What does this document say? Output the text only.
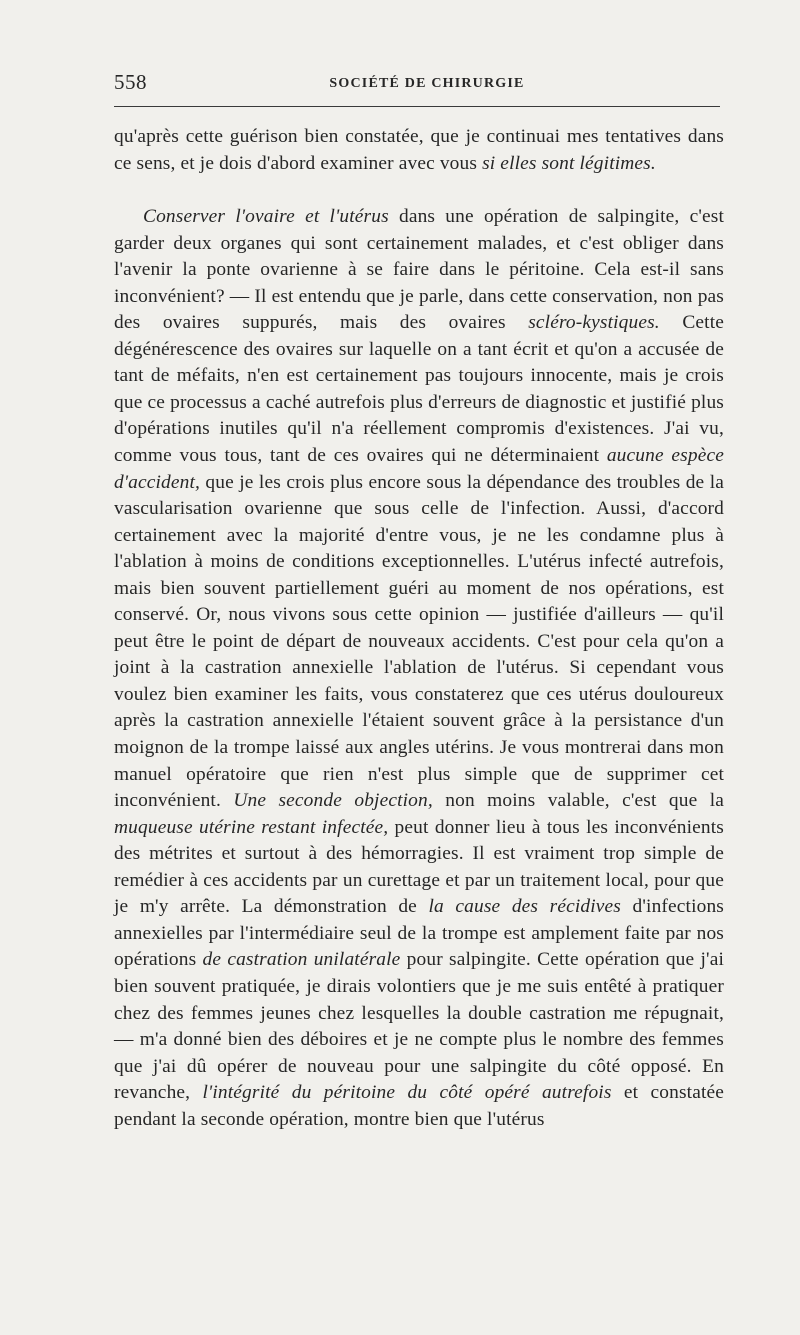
558	SOCIÉTÉ DE CHIRURGIE

qu'après cette guérison bien constatée, que je continuai mes tentatives dans ce sens, et je dois d'abord examiner avec vous si elles sont légitimes.

Conserver l'ovaire et l'utérus dans une opération de salpingite, c'est garder deux organes qui sont certainement malades, et c'est obliger dans l'avenir la ponte ovarienne à se faire dans le péritoine. Cela est-il sans inconvénient? — Il est entendu que je parle, dans cette conservation, non pas des ovaires suppurés, mais des ovaires scléro-kystiques. Cette dégénérescence des ovaires sur laquelle on a tant écrit et qu'on a accusée de tant de méfaits, n'en est certainement pas toujours innocente, mais je crois que ce processus a caché autrefois plus d'erreurs de diagnostic et justifié plus d'opérations inutiles qu'il n'a réellement compromis d'existences. J'ai vu, comme vous tous, tant de ces ovaires qui ne déterminaient aucune espèce d'accident, que je les crois plus encore sous la dépendance des troubles de la vascularisation ovarienne que sous celle de l'infection. Aussi, d'accord certainement avec la majorité d'entre vous, je ne les condamne plus à l'ablation à moins de conditions exceptionnelles. L'utérus infecté autrefois, mais bien souvent partiellement guéri au moment de nos opérations, est conservé. Or, nous vivons sous cette opinion — justifiée d'ailleurs — qu'il peut être le point de départ de nouveaux accidents. C'est pour cela qu'on a joint à la castration annexielle l'ablation de l'utérus. Si cependant vous voulez bien examiner les faits, vous constaterez que ces utérus douloureux après la castration annexielle l'étaient souvent grâce à la persistance d'un moignon de la trompe laissé aux angles utérins. Je vous montrerai dans mon manuel opératoire que rien n'est plus simple que de supprimer cet inconvénient. Une seconde objection, non moins valable, c'est que la muqueuse utérine restant infectée, peut donner lieu à tous les inconvénients des métrites et surtout à des hémorragies. Il est vraiment trop simple de remédier à ces accidents par un curettage et par un traitement local, pour que je m'y arrête. La démonstration de la cause des récidives d'infections annexielles par l'intermédiaire seul de la trompe est amplement faite par nos opérations de castration unilatérale pour salpingite. Cette opération que j'ai bien souvent pratiquée, je dirais volontiers que je me suis entêté à pratiquer chez des femmes jeunes chez lesquelles la double castration me répugnait, — m'a donné bien des déboires et je ne compte plus le nombre des femmes que j'ai dû opérer de nouveau pour une salpingite du côté opposé. En revanche, l'intégrité du péritoine du côté opéré autrefois et constatée pendant la seconde opération, montre bien que l'utérus
